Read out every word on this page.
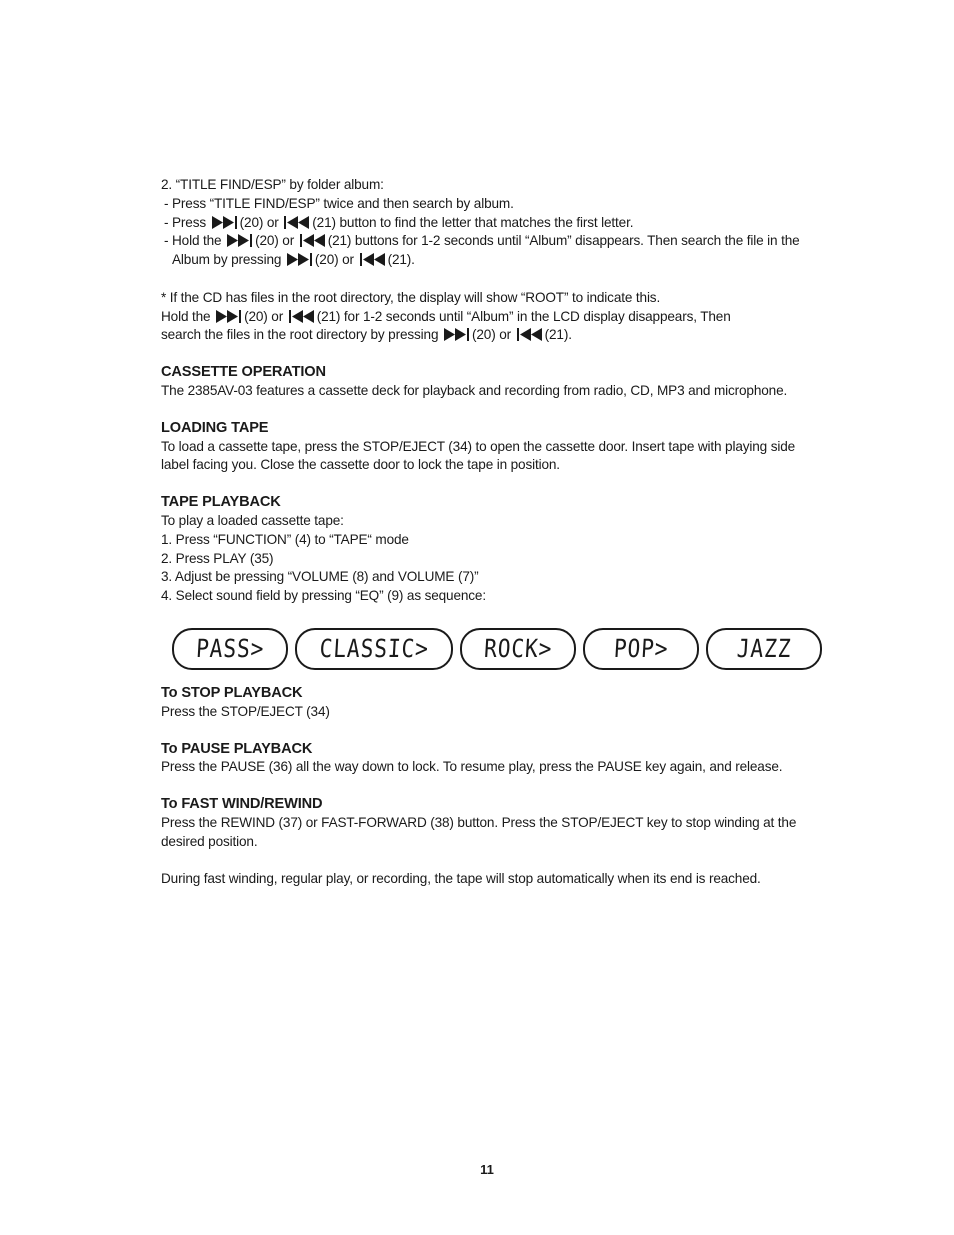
2. “TITLE FIND/ESP” by folder album:
- Press “TITLE FIND/ESP” twice and then search by album.
- Press (20) or (21) button to find the letter that matches the first letter.
- Hold the (20) or (21) buttons for 1-2 seconds until “Album” disappears. Then search the file in the
Album by pressing (20) or (21).
* If the CD has files in the root directory, the display will show “ROOT” to indicate this.
Hold the (20) or (21) for 1-2 seconds until “Album” in the LCD display disappears, Then
search the files in the root directory by pressing (20) or (21).
CASSETTE OPERATION
The 2385AV-03 features a cassette deck for playback and recording from radio, CD, MP3 and microphone.
LOADING TAPE
To load a cassette tape, press the STOP/EJECT (34) to open the cassette door. Insert tape with playing side
label facing you. Close the cassette door to lock the tape in position.
TAPE PLAYBACK
To play a loaded cassette tape:
1. Press “FUNCTION” (4) to “TAPE“ mode
2. Press PLAY (35)
3. Adjust be pressing “VOLUME (8) and VOLUME (7)”
4. Select sound field by pressing “EQ” (9) as sequence:
PASS> CLASSIC> ROCK> POP>	JAZZ
To STOP PLAYBACK
Press the STOP/EJECT (34)
To PAUSE PLAYBACK
Press the PAUSE (36) all the way down to lock. To resume play, press the PAUSE key again, and release.
To FAST WIND/REWIND
Press the REWIND (37) or FAST-FORWARD (38) button. Press the STOP/EJECT key to stop winding at the
desired position.
During fast winding, regular play, or recording, the tape will stop automatically when its end is reached.
11
